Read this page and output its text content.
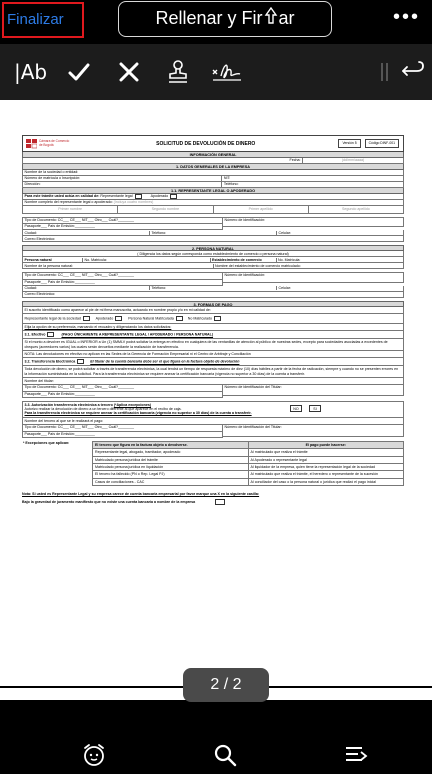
Finalizar	Rellenar y Fir ar	•••
|Ab
Cámara de Comercio de Bogotá	SOLICITUD DE DEVOLUCIÓN DE DINERO	Versión 5	Código DINF-001
INFORMACIÓN GENERAL
Fecha:	(dd/mm/aaaa)
1. DATOS GENERALES DE LA EMPRESA
Nombre de la sociedad o entidad:
Número de matrícula o Inscripción:	NIT:
Dirección:	Teléfono:
1.1. REPRESENTANTE LEGAL O APODERADO
Para este trámite usted actúa en calidad de:
Representante legal
	Apoderado
Nombre completo del representante legal o apoderado:
(Incluya cuatro nombres)
Primer nombre	Segundo nombre	Primer apellido	Segundo apellido
Tipo de Documento: CC___ CE___ NIT___ Otro___ Cuál?________
Pasaporte___ País de Emisión:__________
Número de identificación:
Ciudad:	Teléfono:	Celular:
Correo Electrónico:
2. PERSONA NATURAL
( Diligencia los datos según corresponda como establecimiento de comercio o persona natural)
Persona natural	No. Matrícula:	Establecimiento de comercio	No. Matrícula:
Nombre de la persona natural:	Nombre del establecimiento de comercio matriculado:
Tipo de Documento: CC___ CE___ NIT___ Otro___ Cuál?________
Pasaporte___ País de Emisión:__________
Número de identificación:
Ciudad:	Teléfono:	Celular:
Correo Electrónico:
3. FORMAS DE PAGO
El suscrito identificado como aparece al pie de mi firma manuscrita, actuando en nombre propio y/o en mi calidad de:
Representante legal de la sociedad	Apoderado	Persona Natural Matriculada	No Matriculado
Elija la opción de su preferencia, marcando el recuadro y diligenciando los datos solicitados:
3.1. Efectivo	(PAGO ÚNICAMENTE A REPRESENTANTE LEGAL / APODERADO / PERSONA NATURAL)
Si el monto a devolver es IGUAL o INFERIOR a Un (1) SMMLV podrá solicitar la entrega en efectivo en cualquiera de las ventanillas de atención al público de nuestras sedes, excepto para sociedades asociadas a excedentes de cheques (acreedores varios) los cuales serán devueltos mediante la realización de transferencia.
NOTA: Las devoluciones en efectivo no aplican en las Sedes de la Gerencia de Formación Empresarial ni el Centro de Arbitraje y Conciliación
3.2. Transferencia Electrónica	El titular de la cuenta bancaria debe ser el que figura en la factura objeto de devolución
Toda devolución de dinero, se podrá solicitar a través de transferencia electrónica, la cual tendrá un tiempo de respuesta máximo de diez (10) días hábiles a partir de la fecha de radicación, siempre y cuando no se presenten errores en la información suministrada en la solicitud. Para la transferencia electrónica se requiere anexar la certificación bancaria (vigencia no superior a 30 días) de la cuenta a transferir.
Nombre del titular:
Tipo de Documento: CC___ CE___ NIT___ Otro___ Cuál?________
Pasaporte___ País de Emisión:__________
Número de identificación del Titular:
3.3. Autorización transferencia electrónica a tercero (*Aplica excepciones)
Autorizo realizar la devolución de dinero a un tercero diferente al que aparece en el recibo de caja.
Para la transferencia electrónica se requiere anexar la certificación bancaria (vigencia no superior a 30 días) de la cuenta a transferir.
NO	SI
Nombre del tercero al que se le realizará el pago:
Tipo de Documento: CC___ CE___ NIT___ Otro___ Cuál?________
Pasaporte___ País de Emisión:__________
Número de identificación del Titular:
* Excepciones que aplican:	El tercero que figura en la factura objeto a devolverse.	El pago puede hacerse:
Representante legal, abogado, tramitador, apoderado	Al matriculado que realiza el trámite
Matriculado persona jurídica del trámite	Al Apoderado o representante legal
Matriculado persona jurídica en liquidación	Al liquidador de la empresa, quien tiene la representación legal de la sociedad
El tercero ha fallecido (PN o Rep. Legal PJ)	Al matriculado que realiza el trámite, el heredero o representante de la sucesión
Casos de conciliaciones - CAC	Al conciliador del caso o la persona natural o jurídica que realizó el pago inicial
Nota: Si usted es Representante Legal y su empresa carece de cuenta bancaria empresarial por favor marque una X en la siguiente casilla:
Bajo la gravedad de juramento manifiesto que no existe una cuenta bancaria a nombre de la empresa
2 / 2
